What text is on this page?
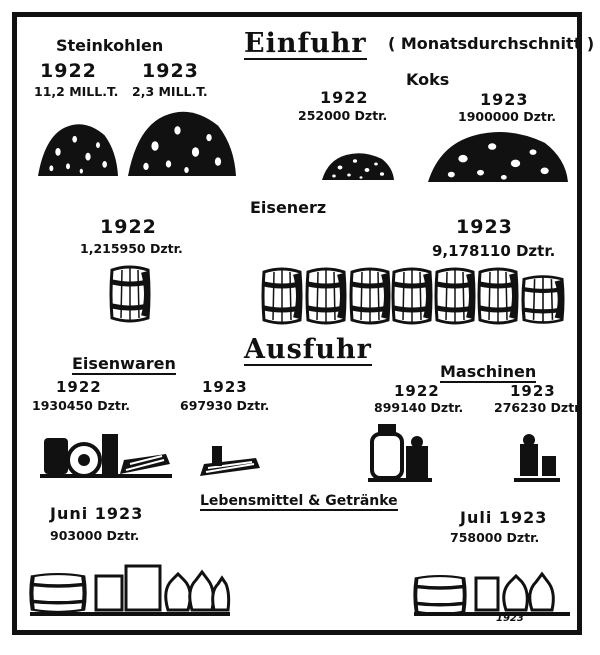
Einfuhr ( Monatsdurchschnitt )
Steinkohlen
1922
11,2 MILL.T.
1923
2,3 MILL.T.
Koks
1922
252000 Dztr.
1923
1900000 Dztr.
Eisenerz
1922
1,215950 Dztr.
1923
9,178110 Dztr.
Ausfuhr
Eisenwaren
1922
1930450 Dztr.
1923
697930 Dztr.
Maschinen
1922
899140 Dztr.
1923
276230 Dztr.
Lebensmittel & Getränke
Juni 1923
903000 Dztr.
Juli 1923
758000 Dztr.
1923
